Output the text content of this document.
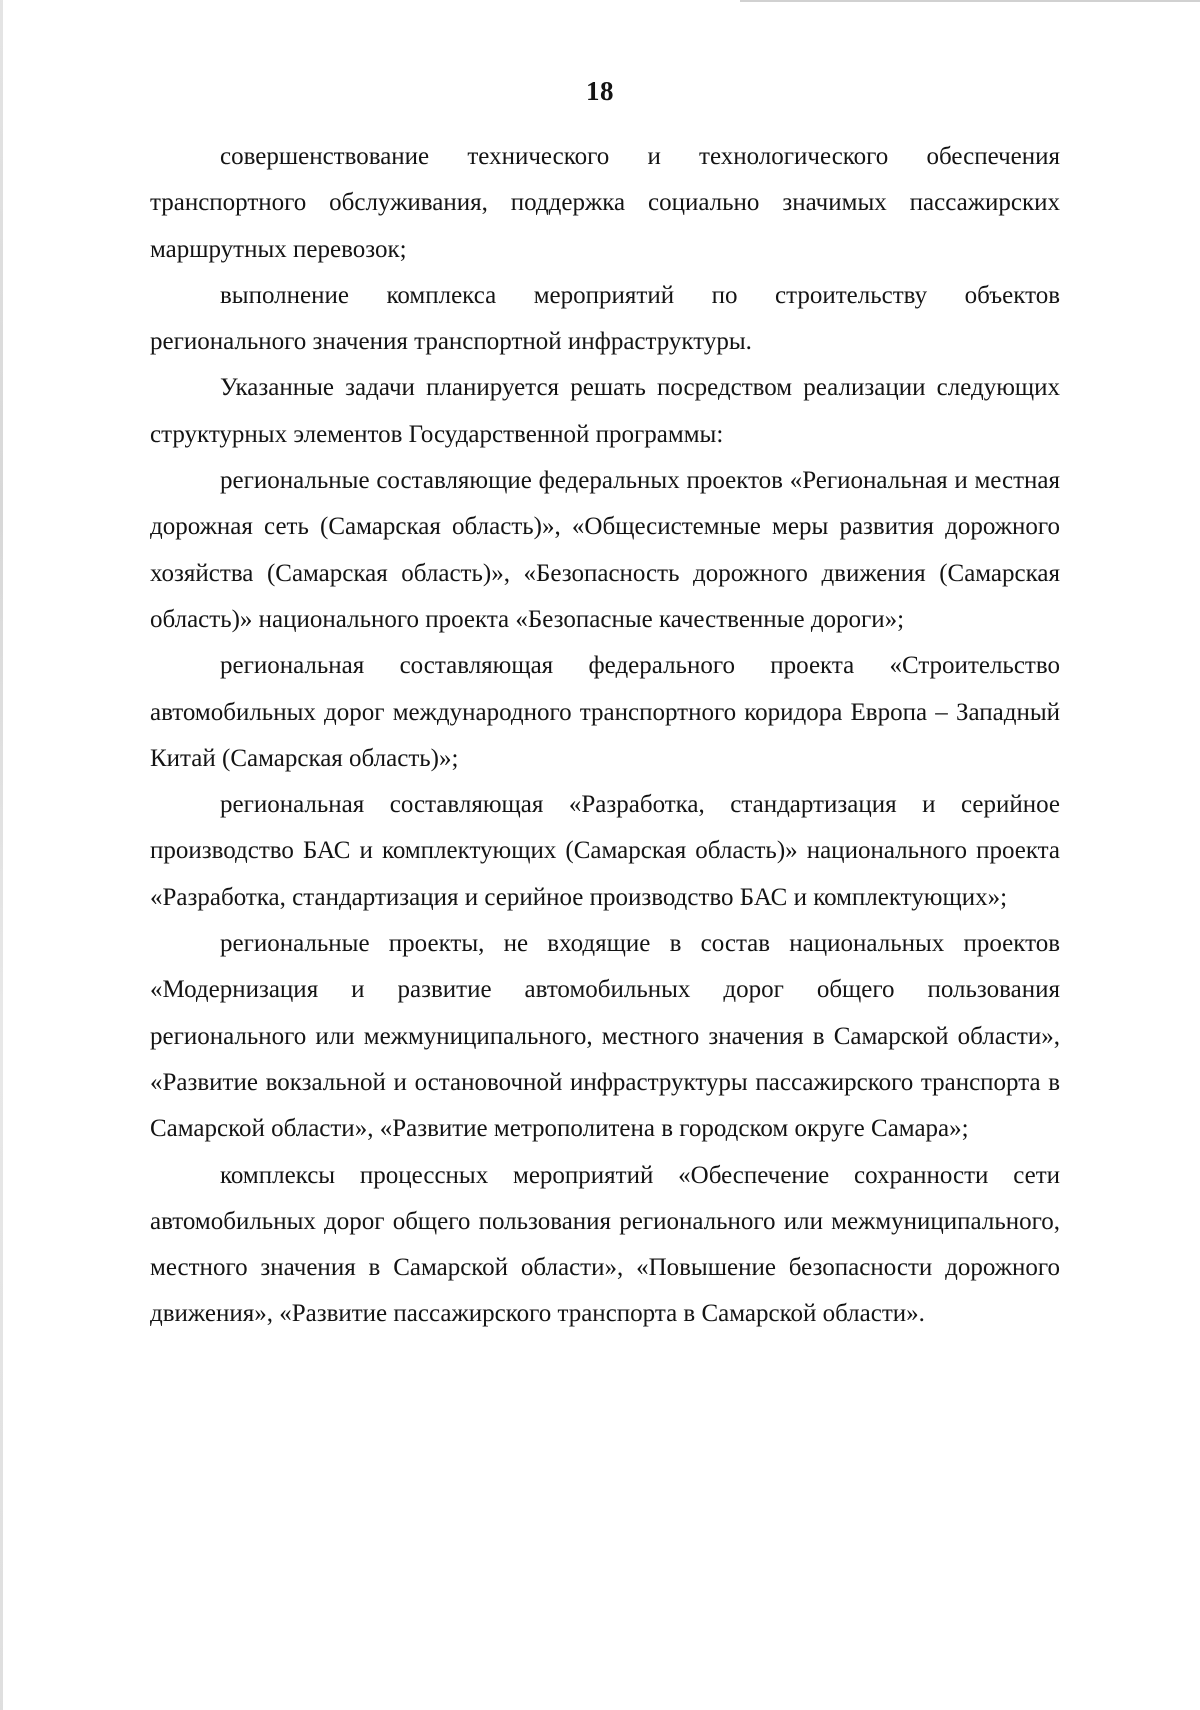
18

совершенствование технического и технологического обеспечения транспортного обслуживания, поддержка социально значимых пассажирских маршрутных перевозок;

выполнение комплекса мероприятий по строительству объектов регионального значения транспортной инфраструктуры.

Указанные задачи планируется решать посредством реализации следующих структурных элементов Государственной программы:

региональные составляющие федеральных проектов «Региональная и местная дорожная сеть (Самарская область)», «Общесистемные меры развития дорожного хозяйства (Самарская область)», «Безопасность дорожного движения (Самарская область)» национального проекта «Безопасные качественные дороги»;

региональная составляющая федерального проекта «Строительство автомобильных дорог международного транспортного коридора Европа – Западный Китай (Самарская область)»;

региональная составляющая «Разработка, стандартизация и серийное производство БАС и комплектующих (Самарская область)» национального проекта «Разработка, стандартизация и серийное производство БАС и комплектующих»;

региональные проекты, не входящие в состав национальных проектов «Модернизация и развитие автомобильных дорог общего пользования регионального или межмуниципального, местного значения в Самарской области», «Развитие вокзальной и остановочной инфраструктуры пассажирского транспорта в Самарской области», «Развитие метрополитена в городском округе Самара»;

комплексы процессных мероприятий «Обеспечение сохранности сети автомобильных дорог общего пользования регионального или межмуниципального, местного значения в Самарской области», «Повышение безопасности дорожного движения», «Развитие пассажирского транспорта в Самарской области».
